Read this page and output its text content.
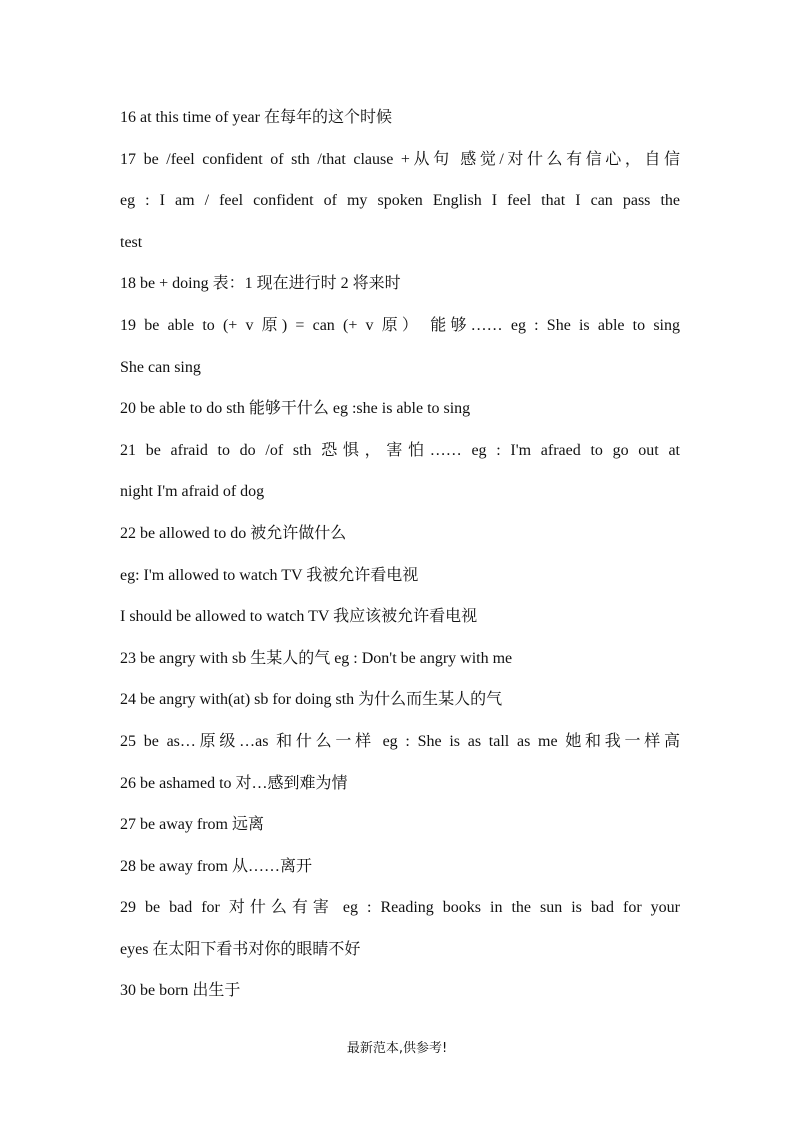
16 at this time of year 在每年的这个时候
17 be /feel confident of sth /that clause +从句 感觉/对什么有信心，自信
eg : I am / feel confident of my spoken English I feel that I can pass the
test
18 be + doing 表：1 现在进行时 2 将来时
19 be able to (+ v 原) = can (+ v 原） 能够…… eg : She is able to sing
She can sing
20 be able to do sth 能够干什么 eg :she is able to sing
21 be afraid to do /of sth 恐惧，害怕…… eg : I'm afraed to go out at
night I'm afraid of dog
22 be allowed to do 被允许做什么
eg: I'm allowed to watch TV 我被允许看电视
I should be allowed to watch TV 我应该被允许看电视
23 be angry with sb 生某人的气 eg : Don't be angry with me
24 be angry with(at) sb for doing sth 为什么而生某人的气
25 be as…原级…as 和什么一样 eg : She is as tall as me 她和我一样高
26 be ashamed to 对…感到难为情
27 be away from 远离
28 be away from 从……离开
29 be bad for 对什么有害 eg : Reading books in the sun is bad for your
eyes 在太阳下看书对你的眼睛不好
30 be born 出生于
最新范本,供参考!
